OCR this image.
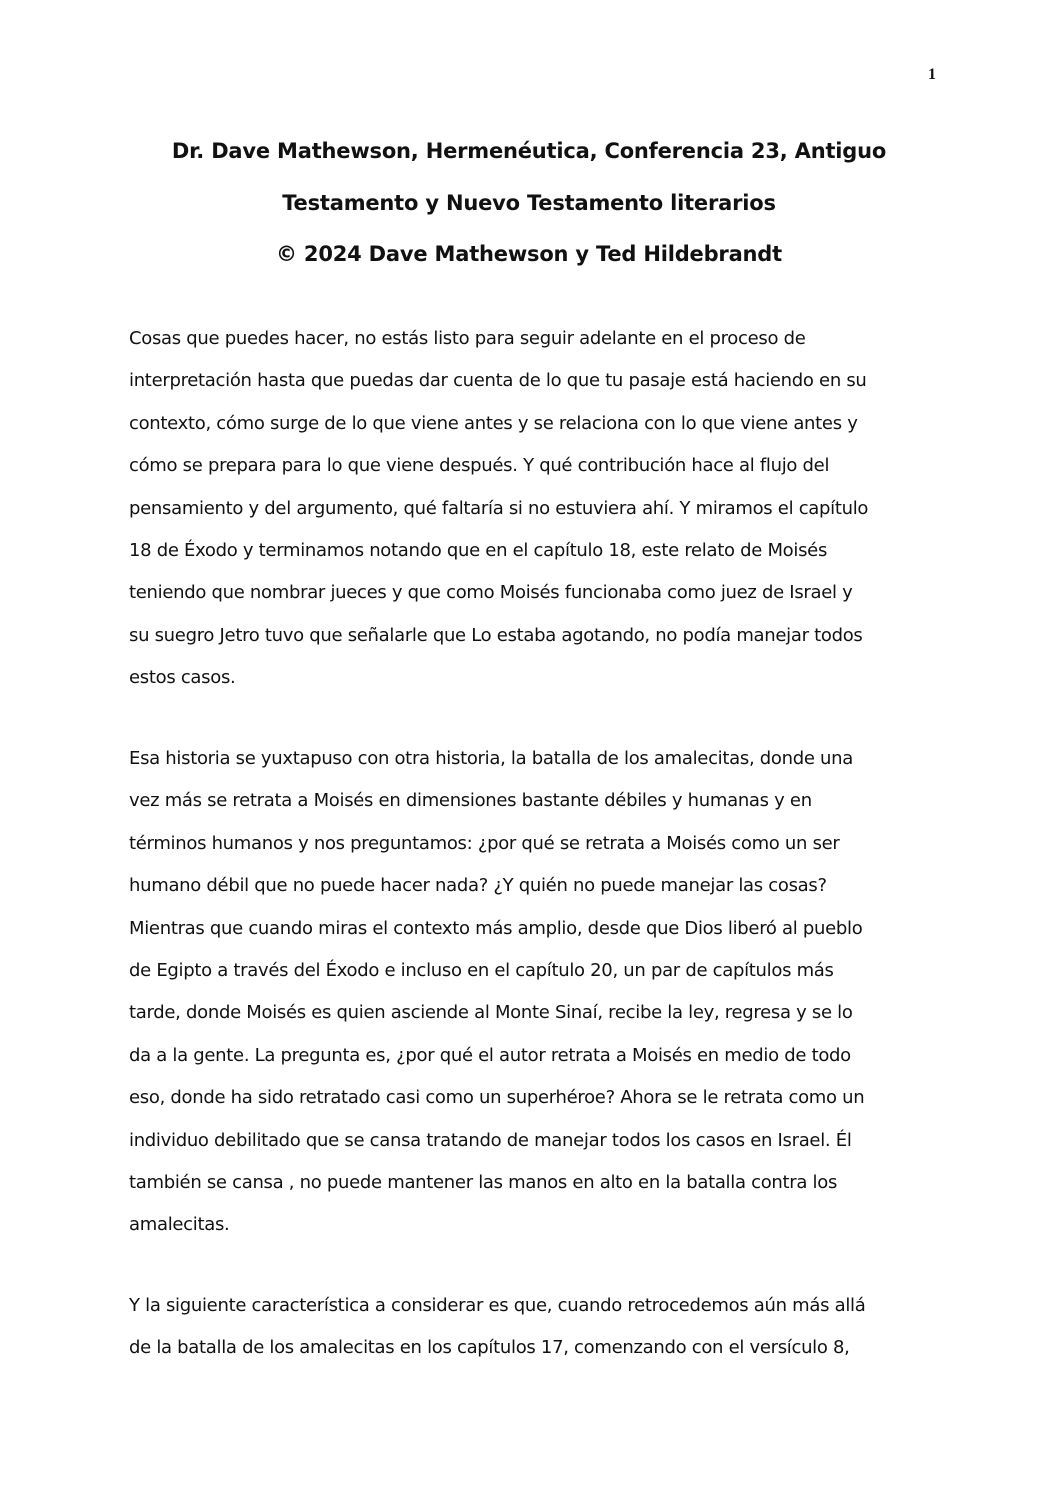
1
Dr. Dave Mathewson, Hermenéutica, Conferencia 23, Antiguo
Testamento y Nuevo Testamento literarios
© 2024 Dave Mathewson y Ted Hildebrandt
Cosas que puedes hacer, no estás listo para seguir adelante en el proceso de
interpretación hasta que puedas dar cuenta de lo que tu pasaje está haciendo en su
contexto, cómo surge de lo que viene antes y se relaciona con lo que viene antes y
cómo se prepara para lo que viene después. Y qué contribución hace al flujo del
pensamiento y del argumento, qué faltaría si no estuviera ahí. Y miramos el capítulo
18 de Éxodo y terminamos notando que en el capítulo 18, este relato de Moisés
teniendo que nombrar jueces y que como Moisés funcionaba como juez de Israel y
su suegro Jetro tuvo que señalarle que Lo estaba agotando, no podía manejar todos
estos casos.
Esa historia se yuxtapuso con otra historia, la batalla de los amalecitas, donde una
vez más se retrata a Moisés en dimensiones bastante débiles y humanas y en
términos humanos y nos preguntamos: ¿por qué se retrata a Moisés como un ser
humano débil que no puede hacer nada? ¿Y quién no puede manejar las cosas?
Mientras que cuando miras el contexto más amplio, desde que Dios liberó al pueblo
de Egipto a través del Éxodo e incluso en el capítulo 20, un par de capítulos más
tarde, donde Moisés es quien asciende al Monte Sinaí, recibe la ley, regresa y se lo
da a la gente. La pregunta es, ¿por qué el autor retrata a Moisés en medio de todo
eso, donde ha sido retratado casi como un superhéroe? Ahora se le retrata como un
individuo debilitado que se cansa tratando de manejar todos los casos en Israel. Él
también se cansa , no puede mantener las manos en alto en la batalla contra los
amalecitas.
Y la siguiente característica a considerar es que, cuando retrocedemos aún más allá
de la batalla de los amalecitas en los capítulos 17, comenzando con el versículo 8,
